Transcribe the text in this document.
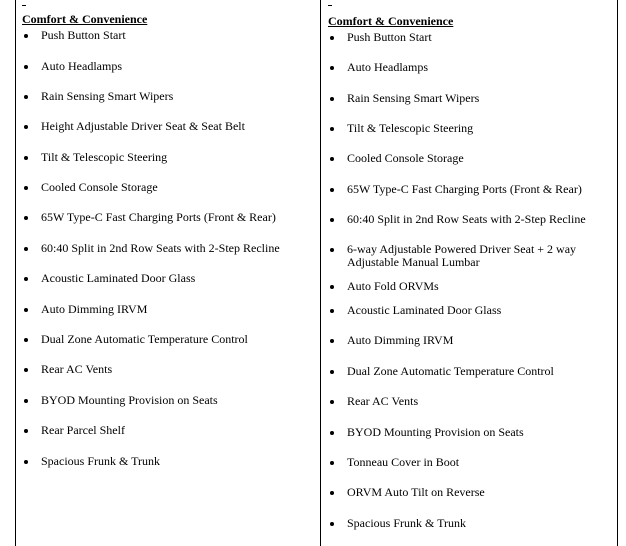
Comfort & Convenience
Push Button Start
Auto Headlamps
Rain Sensing Smart Wipers
Height Adjustable Driver Seat & Seat Belt
Tilt & Telescopic Steering
Cooled Console Storage
65W Type-C Fast Charging Ports (Front & Rear)
60:40 Split in 2nd Row Seats with 2-Step Recline
Acoustic Laminated Door Glass
Auto Dimming IRVM
Dual Zone Automatic Temperature Control
Rear AC Vents
BYOD Mounting Provision on Seats
Rear Parcel Shelf
Spacious Frunk & Trunk
Comfort & Convenience
Push Button Start
Auto Headlamps
Rain Sensing Smart Wipers
Tilt & Telescopic Steering
Cooled Console Storage
65W Type-C Fast Charging Ports (Front & Rear)
60:40 Split in 2nd Row Seats with 2-Step Recline
6-way Adjustable Powered Driver Seat + 2 way Adjustable Manual Lumbar
Auto Fold ORVMs
Acoustic Laminated Door Glass
Auto Dimming IRVM
Dual Zone Automatic Temperature Control
Rear AC Vents
BYOD Mounting Provision on Seats
Tonneau Cover in Boot
ORVM Auto Tilt on Reverse
Spacious Frunk & Trunk
